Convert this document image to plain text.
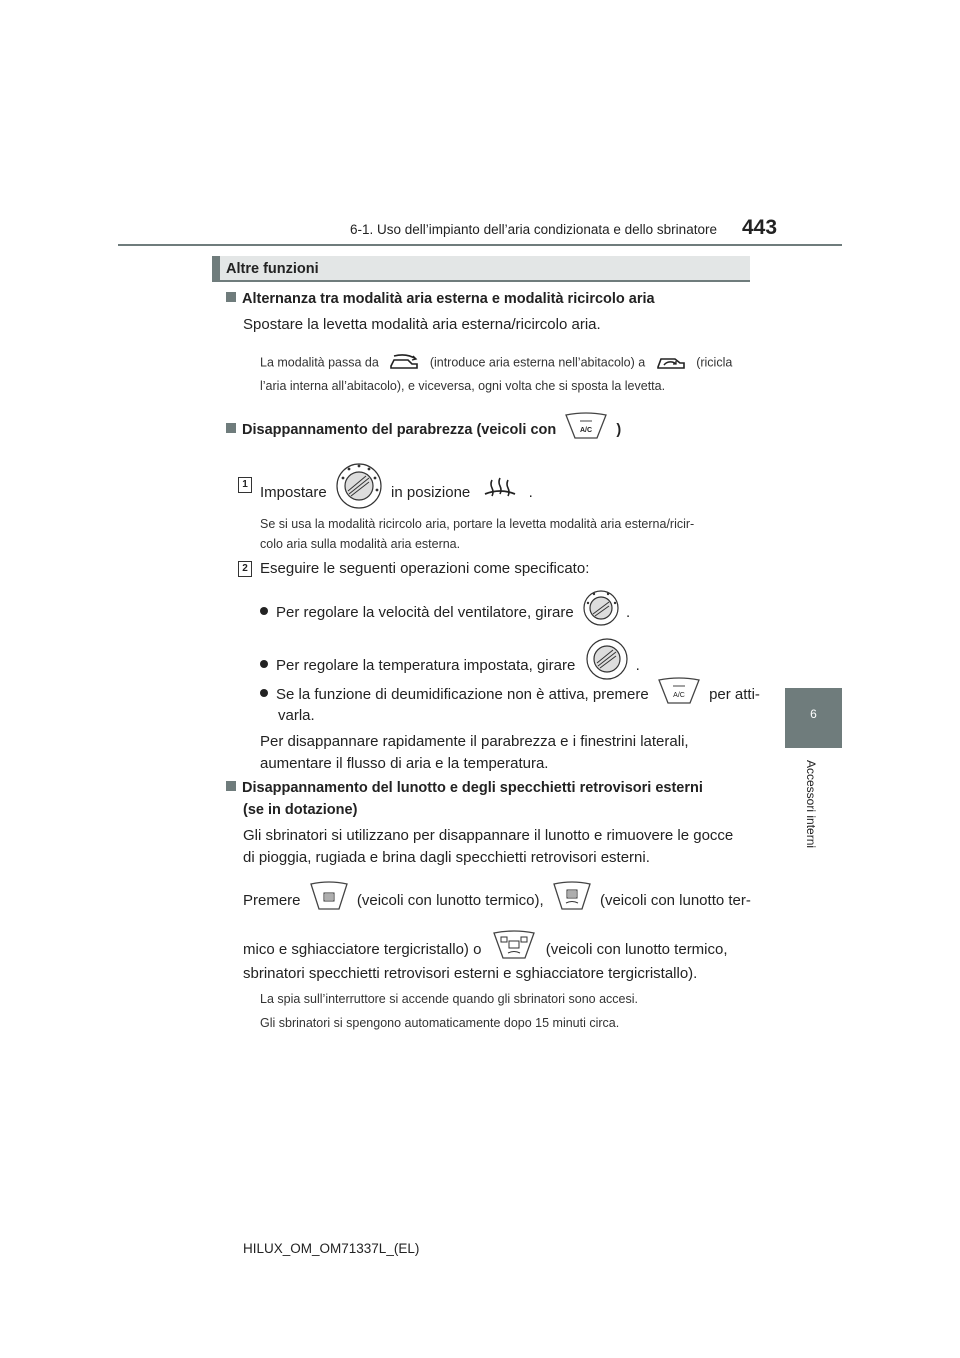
6-1. Uso dell’impianto dell’aria condizionata e dello sbrinatore 443
6
Accessori interni
Altre funzioni
Alternanza tra modalità aria esterna e modalità ricircolo aria
Spostare la levetta modalità aria esterna/ricircolo aria.
La modalità passa da	(introduce aria esterna nell’abitacolo) a	(ricicla
l’aria interna all’abitacolo), e viceversa, ogni volta che si sposta la levetta.
Disappannamento del parabrezza (veicoli con	A/C )
1 Impostare	in posizione	.
Se si usa la modalità ricircolo aria, portare la levetta modalità aria esterna/ricir-
colo aria sulla modalità aria esterna.
2 Eseguire le seguenti operazioni come specificato:
Per regolare la velocità del ventilatore, girare	.
Per regolare la temperatura impostata, girare	.
Se la funzione di deumidificazione non è attiva, premere	A/C per atti-
varla.
Per disappannare rapidamente il parabrezza e i finestrini laterali,
aumentare il flusso di aria e la temperatura.
Disappannamento del lunotto e degli specchietti retrovisori esterni
(se in dotazione)
Gli sbrinatori si utilizzano per disappannare il lunotto e rimuovere le gocce
di pioggia, rugiada e brina dagli specchietti retrovisori esterni.
Premere	(veicoli con lunotto termico),	(veicoli con lunotto ter-
mico e sghiacciatore tergicristallo) o	(veicoli con lunotto termico,
sbrinatori specchietti retrovisori esterni e sghiacciatore tergicristallo).
La spia sull’interruttore si accende quando gli sbrinatori sono accesi.
Gli sbrinatori si spengono automaticamente dopo 15 minuti circa.
HILUX_OM_OM71337L_(EL)
